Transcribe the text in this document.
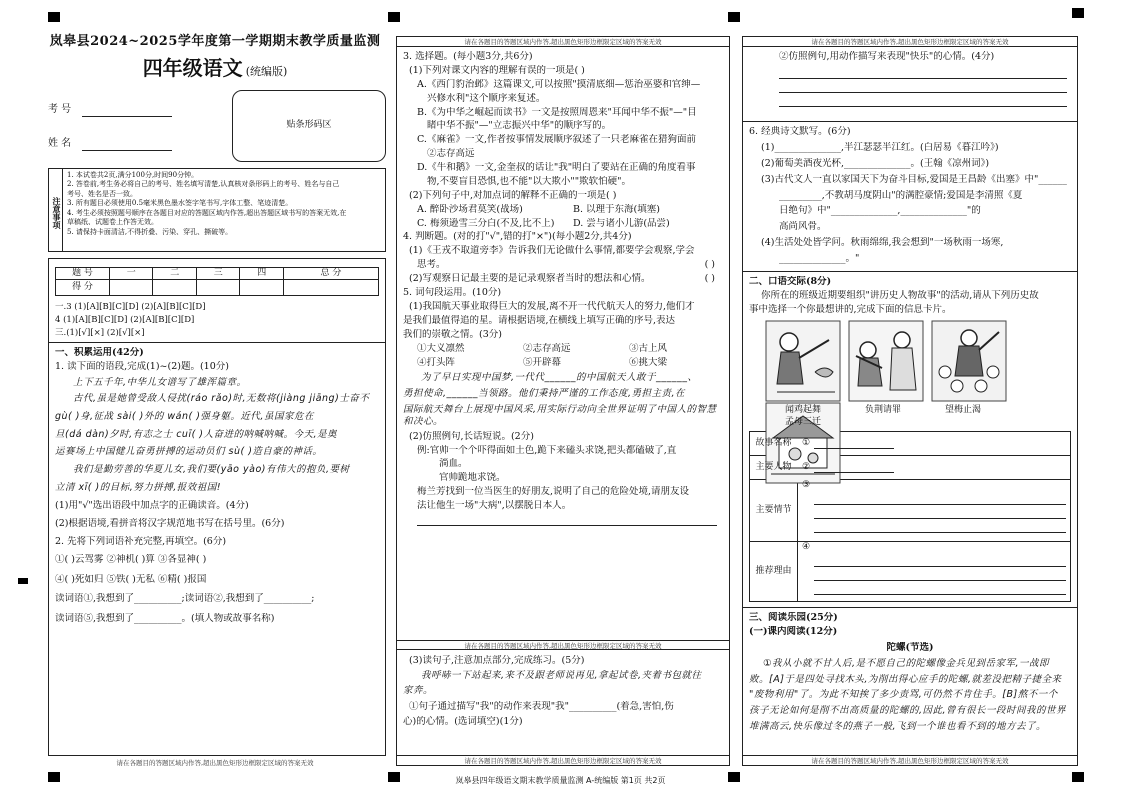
岚皋县2024~2025学年度第一学期期末教学质量监测
四年级语文 (统编版)
考 号
姓 名
贴条形码区
注意事项
1. 本试卷共2页,满分100分,时间90分钟。
2. 答卷前,考生务必将自己的考号、姓名填写清楚,认真核对条形码上的考号、姓名与自己
考号、姓名是否一致。
3. 所有题目必须使用0.5毫米黑色墨水签字笔书写,字体工整、笔迹清楚。
4. 考生必须按照题号顺序在各题目对应的答题区域内作答,超出答题区域书写的答案无效,在
草稿纸、试题卷上作答无效。
5. 请保持卡面清洁,不得折叠、污染、穿孔、撕破等。
题 号	一	二	三	四	总 分
得 分					
一.3 (1)[A][B][C][D] (2)[A][B][C][D]
4 (1)[A][B][C][D] (2)[A][B][C][D]
三.(1)[√][×] (2)[√][×]
一、积累运用(42分)
1. 读下面的语段,完成(1)~(2)题。(10分)
上下五千年,中华儿女谱写了雄浑篇章。
古代,虽是她曾受敌人侵扰(ráo rǎo)时,无数将(jiàng jiāng)士奋不
gù( )身,征战 sài( )外的 wán( )强身躯。近代,虽国家危在
旦(dá dàn)夕时,有志之士 cuī( )人奋进的呐喊呐喊。今天,是奥
运赛场上中国健儿奋勇拼搏的运动员们 sù( )造自豪的神话。
我们是勤劳善的华夏儿女,我们要(yāo yào)有伟大的抱负,要树
立清 xī( )的目标,努力拼搏,报效祖国!
(1)用"√"选出语段中加点字的正确读音。(4分)
(2)根据语境,看拼音将汉字规范地书写在括号里。(6分)
2. 先将下列词语补充完整,再填空。(6分)
①( )云驾雾 ②神机( )算 ③各显神( )
④( )死如归 ⑤铁( )无私 ⑥精( )报国
读词语①,我想到了__________;读词语②,我想到了__________;
读词语⑤,我想到了__________。(填人物或故事名称)
请在各题目的答题区域内作答,超出黑色矩形边框限定区域的答案无效
请在各题目的答题区域内作答,超出黑色矩形边框限定区域的答案无效
3. 选择题。(每小题3分,共6分)
(1)下列对课文内容的理解有误的一项是( )
A.《西门豹治邺》这篇课文,可以按照"摸清底细—惩治巫婆和官绅—
兴修水利"这个顺序来复述。
B.《为中华之崛起而读书》一文是按照周恩来"耳闻中华不振"—"目
睹中华不振"—"立志振兴中华"的顺序写的。
C.《麻雀》一文,作者按事情发展顺序叙述了一只老麻雀在猎狗面前
②志存高远
D.《牛和鹅》一文,金奎叔的话让"我"明白了要站在正确的角度看事
物,不要盲目恐惧,也不能"以大欺小""欺软怕硬"。
(2)下列句子中,对加点词的解释不正确的一项是( )
A. 醉卧沙场君莫笑(战场)	B. 以理于东海(填塞)
C. 梅须逊雪三分白(不及,比不上) D. 尝与诸小儿游(品尝)
4. 判断题。(对的打"√",错的打"×")(每小题2分,共4分)
(1)《王戎不取道旁李》告诉我们无论做什么事情,都要学会观察,学会
思考。	( )
(2)写观察日记最主要的是记录观察者当时的想法和心情。	( )
5. 词句段运用。(10分)
(1)我国航天事业取得巨大的发展,离不开一代代航天人的努力,他们才
是我们最值得追的星。请根据语境,在横线上填写正确的序号,表达
我们的崇敬之情。(3分)
①大义凛然	②志存高远	③古上风
④打头阵	⑤开辟幕	⑥挑大梁
为了早日实现中国梦,一代代______的中国航天人敢于______、
勇担使命,______当领路。他们秉持严谨的工作态度,勇担主责,在
国际航天舞台上展现中国风采,用实际行动向全世界证明了中国人的智慧和决心。
(2)仿照例句,长话短说。(2分)
例:官帅一个个吓得面如土色,跪下来磕头求饶,把头都磕破了,直
淌血。
官帅跪地求饶。
梅兰芳找到一位当医生的好朋友,说明了自己的危险处境,请朋友设
法让他生一场"大病",以摆脱日本人。
请在各题目的答题区域内作答,超出黑色矩形边框限定区域的答案无效
(3)读句子,注意加点部分,完成练习。(5分)
我呼哧一下站起来,来不及跟老师说再见,拿起试卷,夹着书包就往
家奔。
①句子通过描写"我"的动作来表现"我"__________(着急,害怕,伤
心)的心情。(选词填空)(1分)
请在各题目的答题区域内作答,超出黑色矩形边框限定区域的答案无效
请在各题目的答题区域内作答,超出黑色矩形边框限定区域的答案无效
②仿照例句,用动作描写来表现"快乐"的心情。(4分)
6. 经典诗文默写。(6分)
(1)______________,半江瑟瑟半江红。(白居易《暮江吟》)
(2)葡萄美酒夜光杯,______________。(王翰《凉州词》)
(3)古代文人一直以家国天下为奋斗目标,爱国是王昌龄《出塞》中"______
_________,不教胡马度阴山"的满腔豪情;爱国是李清照《夏
日绝句》中"______________,______________"的
高尚风骨。
(4)生活处处皆学问。秋雨绵绵,我会想到"一场秋雨一场寒,
______________。"
二、口语交际(8分)
你所在的班级近期要组织"讲历史人物故事"的活动,请从下列历史故
事中选择一个你最想讲的,完成下面的信息卡片。

闻鸡起舞	负荆请罪	望梅止渴孟母三迁
故事名称	①
主要人物	②
主要情节	③

推荐理由	④
三、阅读乐园(25分)
(一)课内阅读(12分)
陀螺(节选)
①我从小就不甘人后,是不愿自己的陀螺像金兵见到岳家军,一战即
败。[A]于是四处寻找木头,为削出得心应手的陀螺,就差没把精子捷全来
"废物利用"了。为此不知挨了多少责骂,可仍然不肯住手。[B]熬不一个
孩子无论如何是削不出高质量的陀螺的,因此,曾有很长一段时间我的世界
堆满高云,快乐像过冬的燕子一般,飞到一个谁也看不到的地方去了。
请在各题目的答题区域内作答,超出黑色矩形边框限定区域的答案无效
岚皋县四年级语文期末教学质量监测 A-统编版 第1页 共2页
